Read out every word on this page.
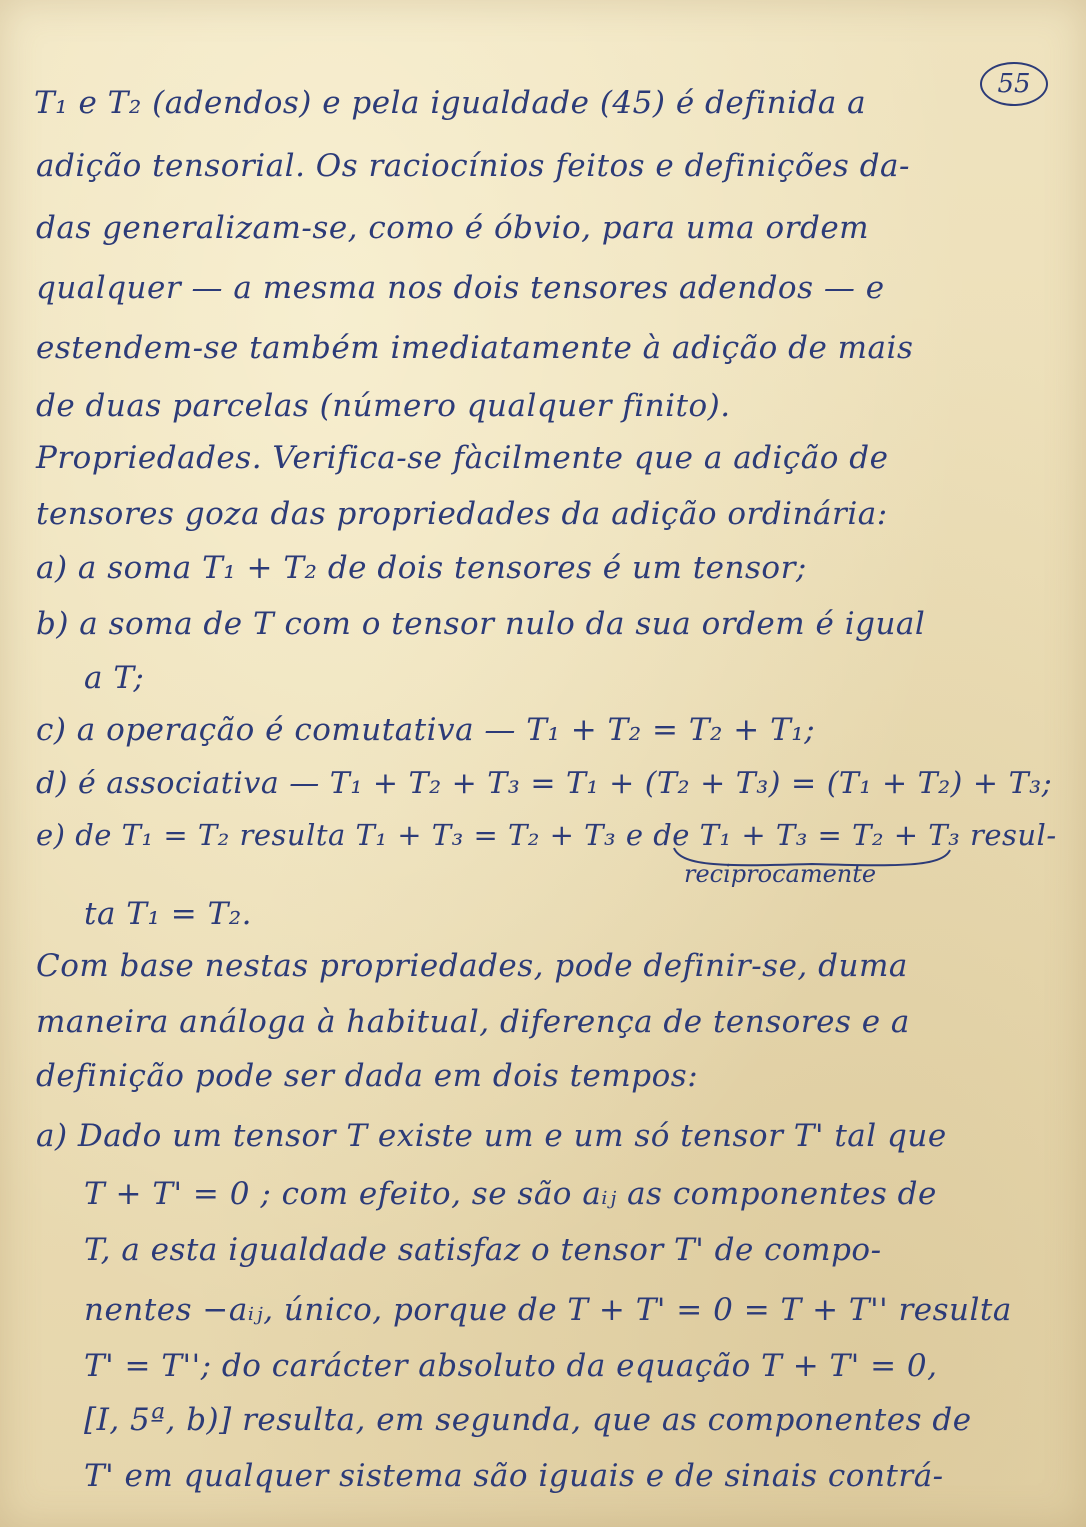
55

T₁ e T₂ (adendos) e pela igualdade (45) é definida a

adição tensorial. Os raciocínios feitos e definições da-

das generalizam-se, como é óbvio, para uma ordem

qualquer — a mesma nos dois tensores adendos — e

estendem-se também imediatamente à adição de mais

de duas parcelas (número qualquer finito).

Propriedades. Verifica-se fàcilmente que a adição de

tensores goza das propriedades da adição ordinária:

a) a soma T₁ + T₂ de dois tensores é um tensor;

b) a soma de T com o tensor nulo da sua ordem é igual

a T;

c) a operação é comutativa — T₁ + T₂ = T₂ + T₁;

d) é associativa — T₁ + T₂ + T₃ = T₁ + (T₂ + T₃) = (T₁ + T₂) + T₃;

e) de T₁ = T₂ resulta T₁ + T₃ = T₂ + T₃ e de T₁ + T₃ = T₂ + T₃ resul-

reciprocamente

ta T₁ = T₂.

Com base nestas propriedades, pode definir-se, duma

maneira análoga à habitual, diferença de tensores e a

definição pode ser dada em dois tempos:

a) Dado um tensor T existe um e um só tensor T' tal que

T + T' = 0 ; com efeito, se são aᵢⱼ as componentes de

T, a esta igualdade satisfaz o tensor T' de compo-

nentes −aᵢⱼ, único, porque de T + T' = 0 = T + T'' resulta

T' = T''; do carácter absoluto da equação T + T' = 0,

[I, 5ª, b)] resulta, em segunda, que as componentes de

T' em qualquer sistema são iguais e de sinais contrá-
